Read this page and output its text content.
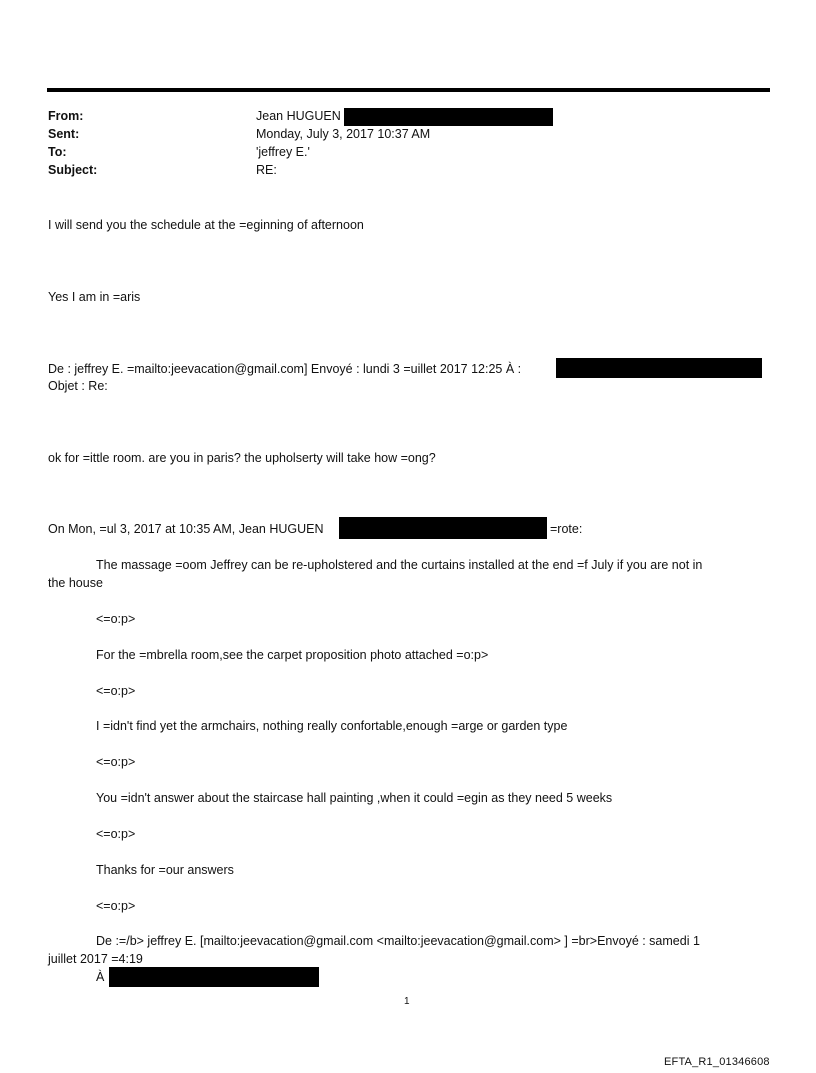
From:	Jean HUGUEN
Sent:	Monday, July 3, 2017 10:37 AM
To:	'jeffrey E.'
Subject:	RE:
I will send you the schedule at the =eginning of afternoon
Yes I am in =aris
De : jeffrey E. =mailto:jeevacation@gmail.com] Envoyé : lundi 3 =uillet 2017 12:25 À :
Objet : Re:
ok for =ittle room. are you in paris? the upholserty will take how =ong?
On Mon, =ul 3, 2017 at 10:35 AM, Jean HUGUEN	=rote:
The massage =oom Jeffrey can be re-upholstered and the curtains installed at the end =f July if you are not in
the house
<=o:p>
For the =mbrella room,see the carpet proposition photo attached =o:p>
<=o:p>
I =idn't find yet the armchairs, nothing really confortable,enough =arge or garden type
<=o:p>
You =idn't answer about the staircase hall painting ,when it could =egin as they need 5 weeks
<=o:p>
Thanks for =our answers
<=o:p>
De :=/b> jeffrey E. [mailto:jeevacation@gmail.com <mailto:jeevacation@gmail.com> ] =br>Envoyé : samedi 1
juillet 2017 =4:19
À
1
EFTA_R1_01346608
